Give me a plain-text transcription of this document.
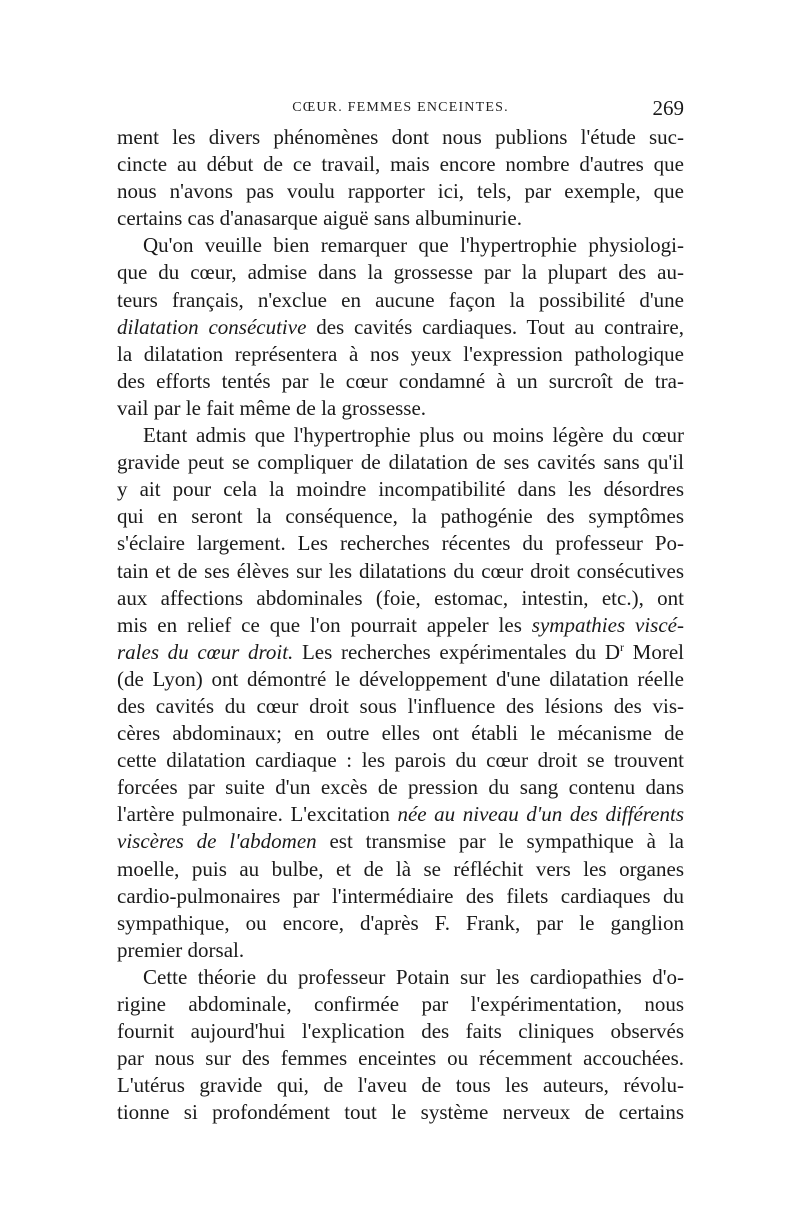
CŒUR. FEMMES ENCEINTES.	269
ment les divers phénomènes dont nous publions l'étude suc-
cincte au début de ce travail, mais encore nombre d'autres que
nous n'avons pas voulu rapporter ici, tels, par exemple, que
certains cas d'anasarque aiguë sans albuminurie.
Qu'on veuille bien remarquer que l'hypertrophie physiologi-
que du cœur, admise dans la grossesse par la plupart des au-
teurs français, n'exclue en aucune façon la possibilité d'une
dilatation consécutive des cavités cardiaques. Tout au contraire,
la dilatation représentera à nos yeux l'expression pathologique
des efforts tentés par le cœur condamné à un surcroît de tra-
vail par le fait même de la grossesse.
Etant admis que l'hypertrophie plus ou moins légère du cœur
gravide peut se compliquer de dilatation de ses cavités sans qu'il
y ait pour cela la moindre incompatibilité dans les désordres
qui en seront la conséquence, la pathogénie des symptômes
s'éclaire largement. Les recherches récentes du professeur Po-
tain et de ses élèves sur les dilatations du cœur droit consécutives
aux affections abdominales (foie, estomac, intestin, etc.), ont
mis en relief ce que l'on pourrait appeler les sympathies viscé-
rales du cœur droit. Les recherches expérimentales du $D^r$ Morel
(de Lyon) ont démontré le développement d'une dilatation réelle
des cavités du cœur droit sous l'influence des lésions des vis-
cères abdominaux; en outre elles ont établi le mécanisme de
cette dilatation cardiaque : les parois du cœur droit se trouvent
forcées par suite d'un excès de pression du sang contenu dans
l'artère pulmonaire. L'excitation née au niveau d'un des différents
viscères de l'abdomen est transmise par le sympathique à la
moelle, puis au bulbe, et de là se réfléchit vers les organes
cardio-pulmonaires par l'intermédiaire des filets cardiaques du
sympathique, ou encore, d'après F. Frank, par le ganglion
premier dorsal.
Cette théorie du professeur Potain sur les cardiopathies d'o-
rigine abdominale, confirmée par l'expérimentation, nous
fournit aujourd'hui l'explication des faits cliniques observés
par nous sur des femmes enceintes ou récemment accouchées.
L'utérus gravide qui, de l'aveu de tous les auteurs, révolu-
tionne si profondément tout le système nerveux de certains
